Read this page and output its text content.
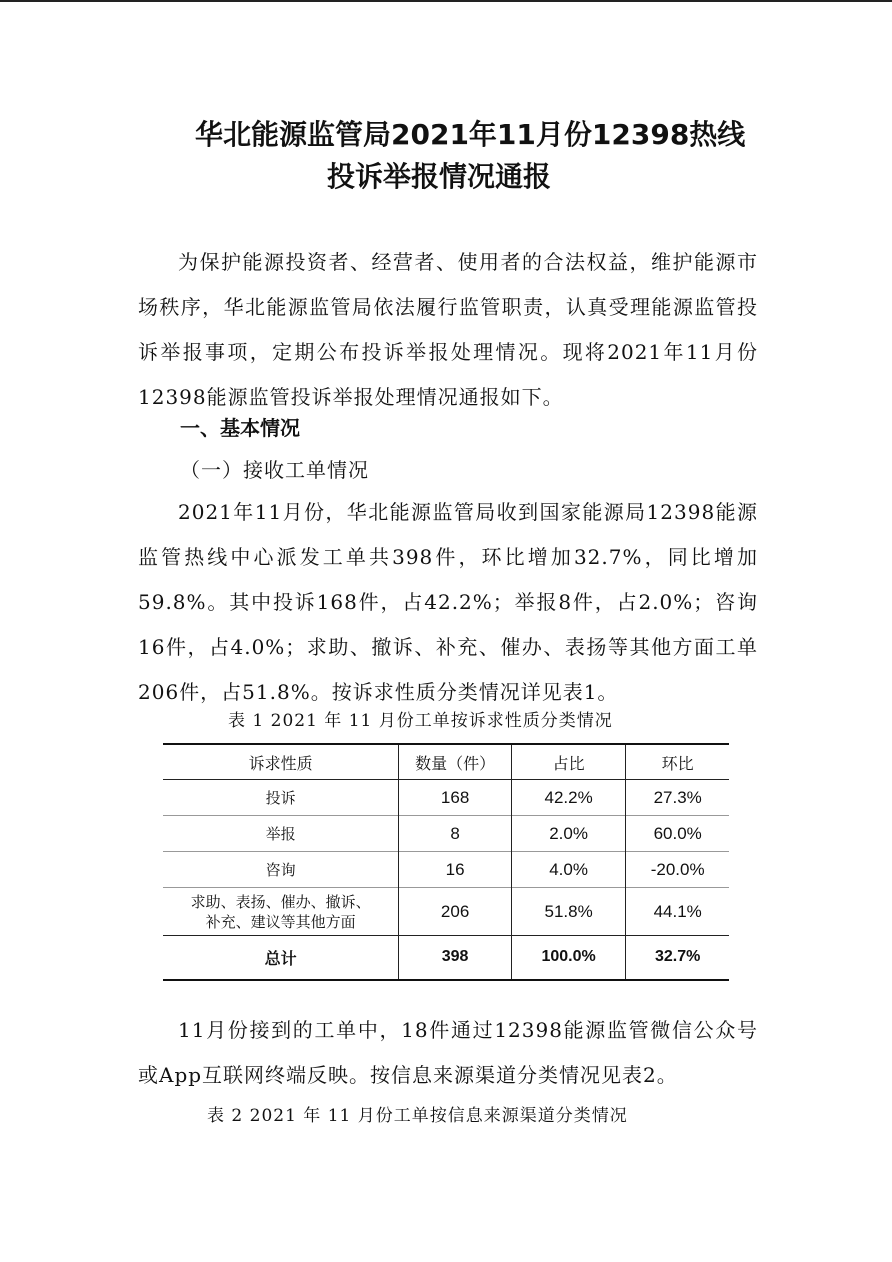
华北能源监管局2021年11月份12398热线
投诉举报情况通报

为保护能源投资者、经营者、使用者的合法权益，维护能源市场秩序，华北能源监管局依法履行监管职责，认真受理能源监管投诉举报事项，定期公布投诉举报处理情况。现将2021年11月份12398能源监管投诉举报处理情况通报如下。

一、基本情况
（一）接收工单情况

2021年11月份，华北能源监管局收到国家能源局12398能源监管热线中心派发工单共398件，环比增加32.7%，同比增加59.8%。其中投诉168件，占42.2%；举报8件，占2.0%；咨询16件，占4.0%；求助、撤诉、补充、催办、表扬等其他方面工单206件，占51.8%。按诉求性质分类情况详见表1。

表 1 2021 年 11 月份工单按诉求性质分类情况
诉求性质	数量（件）	占比	环比
投诉	168	42.2%	27.3%
举报	8	2.0%	60.0%
咨询	16	4.0%	-20.0%

求助、表扬、催办、撤诉、
补充、建议等其他方面	206	51.8%	44.1%
总计	398	100.0%	32.7%

11月份接到的工单中，18件通过12398能源监管微信公众号或App互联网终端反映。按信息来源渠道分类情况见表2。

表 2 2021 年 11 月份工单按信息来源渠道分类情况
